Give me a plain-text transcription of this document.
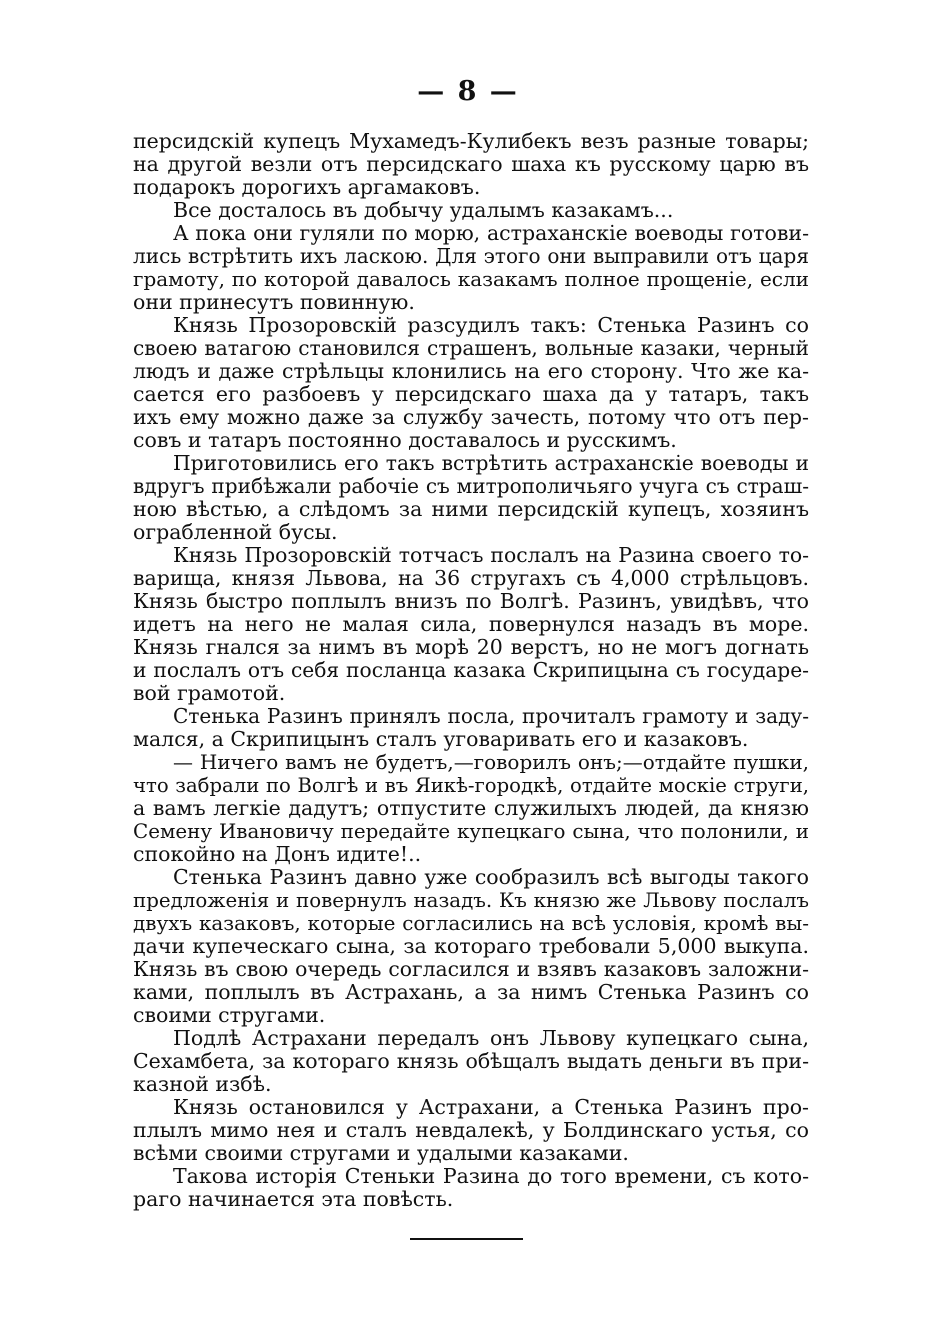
— 8 —
персидскій купецъ Мухамедъ-Кулибекъ везъ разные товары;
на другой везли отъ персидскаго шаха къ русскому царю въ
подарокъ дорогихъ аргамаковъ.
Все досталось въ добычу удалымъ казакамъ...
А пока они гуляли по морю, астраханскіе воеводы готови-
лись встрѣтить ихъ ласкою. Для этого они выправили отъ царя
грамоту, по которой давалось казакамъ полное прощеніе, если
они принесутъ повинную.
Князь Прозоровскій разсудилъ такъ: Стенька Разинъ со
своею ватагою становился страшенъ, вольные казаки, черный
людъ и даже стрѣльцы клонились на его сторону. Что же ка-
сается его разбоевъ у персидскаго шаха да у татаръ, такъ
ихъ ему можно даже за службу зачесть, потому что отъ пер-
совъ и татаръ постоянно доставалось и русскимъ.
Приготовились его такъ встрѣтить астраханскіе воеводы и
вдругъ прибѣжали рабочіе съ митрополичьяго учуга съ страш-
ною вѣстью, а слѣдомъ за ними персидскій купецъ, хозяинъ
ограбленной бусы.
Князь Прозоровскій тотчасъ послалъ на Разина своего то-
варища, князя Львова, на 36 стругахъ съ 4,000 стрѣльцовъ.
Князь быстро поплылъ внизъ по Волгѣ. Разинъ, увидѣвъ, что
идетъ на него не малая сила, повернулся назадъ въ море.
Князь гнался за нимъ въ морѣ 20 верстъ, но не могъ догнать
и послалъ отъ себя посланца казака Скрипицына съ государе-
вой грамотой.
Стенька Разинъ принялъ посла, прочиталъ грамоту и заду-
мался, а Скрипицынъ сталъ уговаривать его и казаковъ.
— Ничего вамъ не будетъ,—говорилъ онъ;—отдайте пушки,
что забрали по Волгѣ и въ Яикѣ-городкѣ, отдайте москіе струги,
а вамъ легкіе дадутъ; отпустите служилыхъ людей, да князю
Семену Ивановичу передайте купецкаго сына, что полонили, и
спокойно на Донъ идите!..
Стенька Разинъ давно уже сообразилъ всѣ выгоды такого
предложенія и повернулъ назадъ. Къ князю же Львову послалъ
двухъ казаковъ, которые согласились на всѣ условія, кромѣ вы-
дачи купеческаго сына, за котораго требовали 5,000 выкупа.
Князь въ свою очередь согласился и взявъ казаковъ заложни-
ками, поплылъ въ Астрахань, а за нимъ Стенька Разинъ со
своими стругами.
Подлѣ Астрахани передалъ онъ Львову купецкаго сына,
Сехамбета, за котораго князь обѣщалъ выдать деньги въ при-
казной избѣ.
Князь остановился у Астрахани, а Стенька Разинъ про-
плылъ мимо нея и сталъ невдалекѣ, у Болдинскаго устья, со
всѣми своими стругами и удалыми казаками.
Такова исторія Стеньки Разина до того времени, съ кото-
раго начинается эта повѣсть.
